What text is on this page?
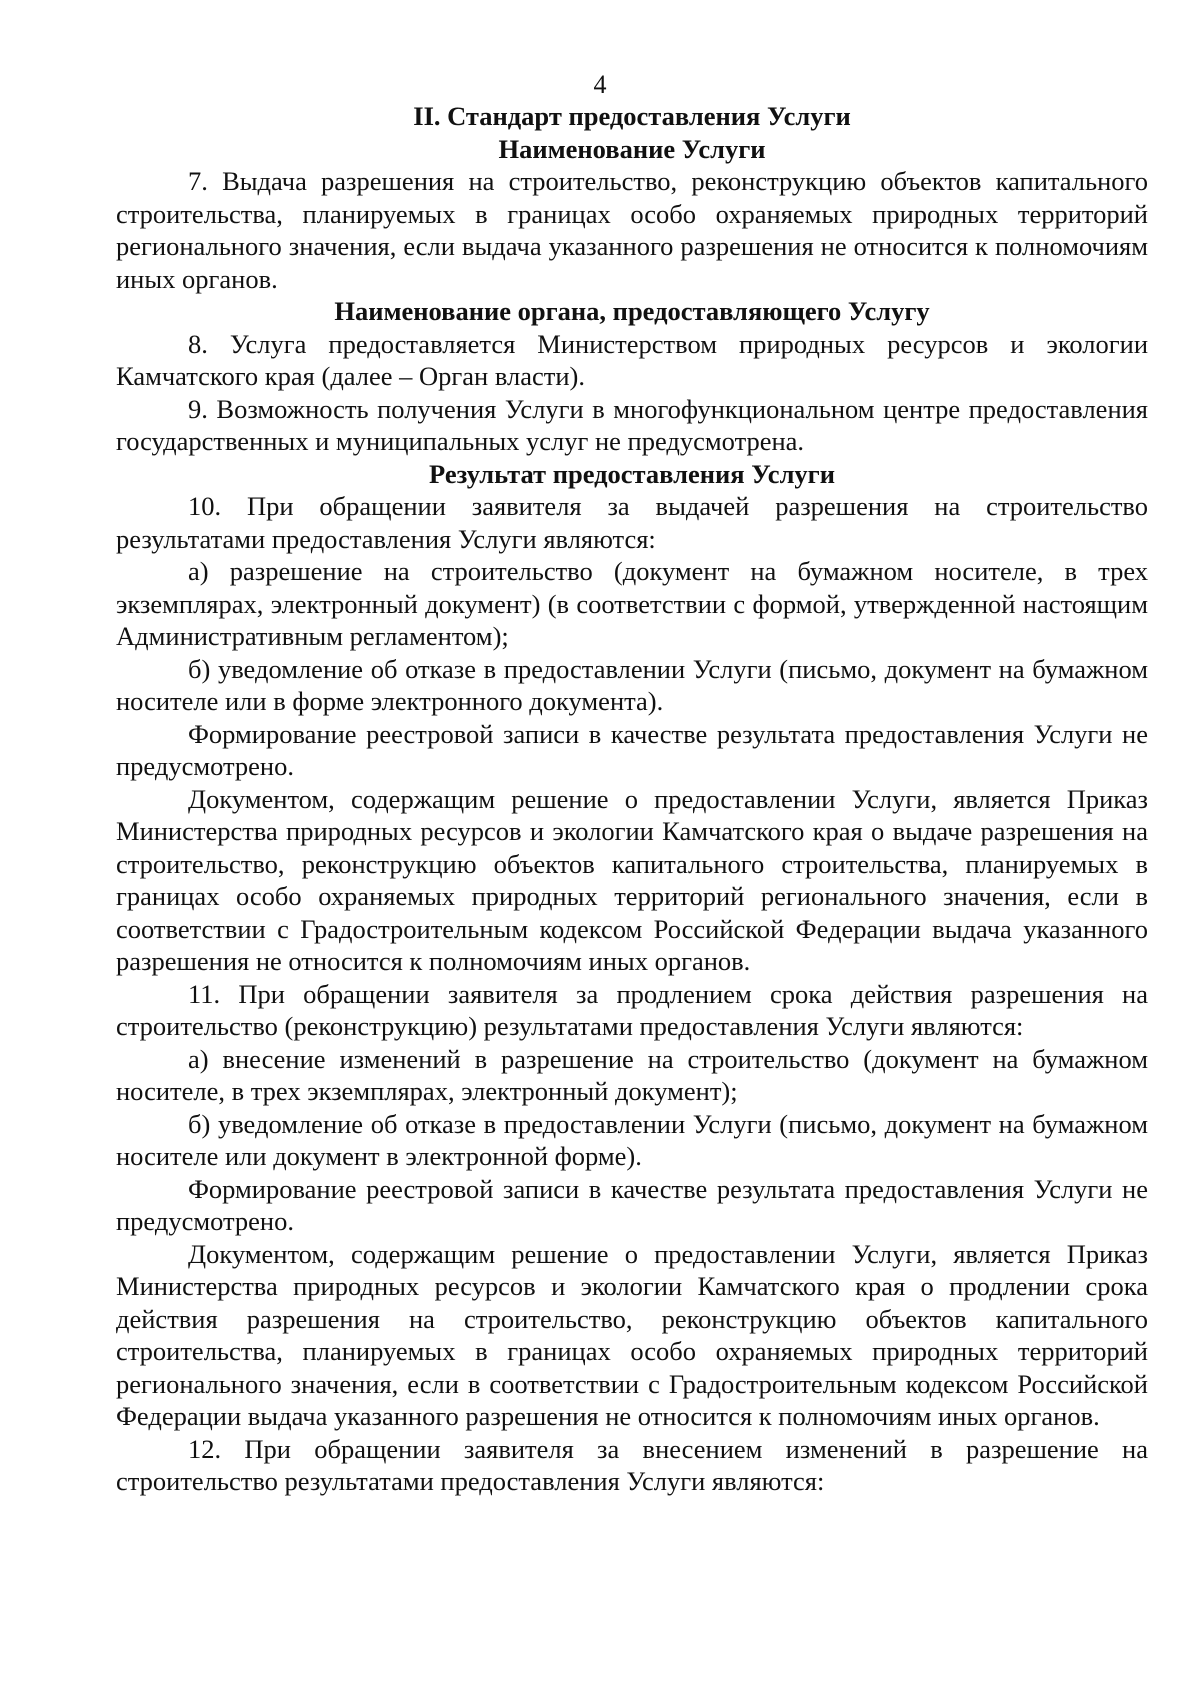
4

II. Стандарт предоставления Услуги

Наименование Услуги

7. Выдача разрешения на строительство, реконструкцию объектов капитального строительства, планируемых в границах особо охраняемых природных территорий регионального значения, если выдача указанного разрешения не относится к полномочиям иных органов.

Наименование органа, предоставляющего Услугу

8. Услуга предоставляется Министерством природных ресурсов и экологии Камчатского края (далее – Орган власти).

9. Возможность получения Услуги в многофункциональном центре предоставления государственных и муниципальных услуг не предусмотрена.

Результат предоставления Услуги

10. При обращении заявителя за выдачей разрешения на строительство результатами предоставления Услуги являются:

а) разрешение на строительство (документ на бумажном носителе, в трех экземплярах, электронный документ) (в соответствии с формой, утвержденной настоящим Административным регламентом);

б) уведомление об отказе в предоставлении Услуги (письмо, документ на бумажном носителе или в форме электронного документа).

Формирование реестровой записи в качестве результата предоставления Услуги не предусмотрено.

Документом, содержащим решение о предоставлении Услуги, является Приказ Министерства природных ресурсов и экологии Камчатского края о выдаче разрешения на строительство, реконструкцию объектов капитального строительства, планируемых в границах особо охраняемых природных территорий регионального значения, если в соответствии с Градостроительным кодексом Российской Федерации выдача указанного разрешения не относится к полномочиям иных органов.

11. При обращении заявителя за продлением срока действия разрешения на строительство (реконструкцию) результатами предоставления Услуги являются:

а) внесение изменений в разрешение на строительство (документ на бумажном носителе, в трех экземплярах, электронный документ);

б) уведомление об отказе в предоставлении Услуги (письмо, документ на бумажном носителе или документ в электронной форме).

Формирование реестровой записи в качестве результата предоставления Услуги не предусмотрено.

Документом, содержащим решение о предоставлении Услуги, является Приказ Министерства природных ресурсов и экологии Камчатского края о продлении срока действия разрешения на строительство, реконструкцию объектов капитального строительства, планируемых в границах особо охраняемых природных территорий регионального значения, если в соответствии с Градостроительным кодексом Российской Федерации выдача указанного разрешения не относится к полномочиям иных органов.

12. При обращении заявителя за внесением изменений в разрешение на строительство результатами предоставления Услуги являются:
